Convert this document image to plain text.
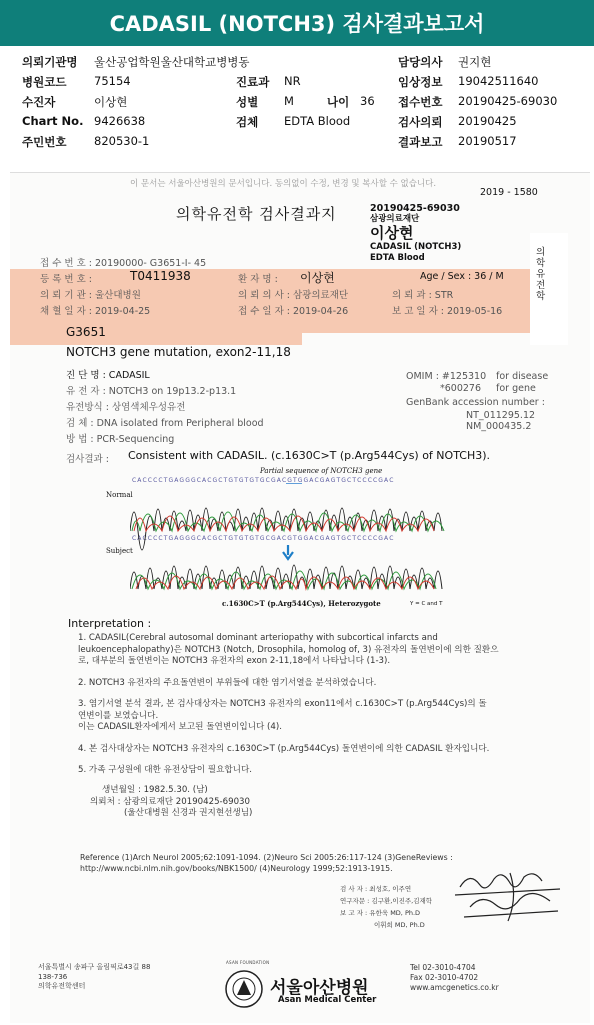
CADASIL (NOTCH3) 검사결과보고서
의뢰기관명 울산공업학원울산대학교병병동	담당의사 권지현
병원코드 75154	진료과 NR	임상정보 19042511640
수진자	이상현	성별 M	나이 36 접수번호 20190425-69030
Chart No. 9426638	검체 EDTA Blood	검사의뢰 20190425
주민번호 820530-1	결과보고 20190517
이 문서는 서울아산병원의 문서입니다. 동의없이 수정, 변경 및 복사할 수 없습니다.
2019 - 1580
의학유전학 검사결과지	20190425-69030
삼광의료재단
이상현
CADASIL (NOTCH3)
EDTA Blood	의학유전학
접 수 번 호 : 20190000- G3651-I- 45
등 록 번 호 :	T0411938	환 자 명 : 이상현	Age / Sex : 36 / M
의 뢰 기 관 : 울산대병원	의 뢰 의 사 : 삼광의료재단	의 뢰 과 : STR
채 혈 일 자 : 2019-04-25	접 수 일 자 : 2019-04-26	보 고 일 자 : 2019-05-16
G3651
NOTCH3 gene mutation, exon2-11,18
진 단 명 : CADASIL
유 전 자 : NOTCH3 on 19p13.2-p13.1
유전방식 : 상염색체우성유전
검 체 : DNA isolated from Peripheral blood
방 법 : PCR-Sequencing
OMIM : #125310 for disease
*600276 for gene
GenBank accession number :
NT_011295.12
NM_000435.2
검사결과 : Consistent with CADASIL. (c.1630C>T (p.Arg544Cys) of NOTCH3).
Partial sequence of NOTCH3 gene
Normal
Subject
C A C C C C T G A G G G C A C G C T G T G T G T G C G A C G T G G A C G A G T G C T C C C C G A C
C A C C C C T G A G G G C A C G C T G T G T G T G C G A C G T G G A C G A G T G C T C C C C G A C
c.1630C>T (p.Arg544Cys), Heterozygote	Y = C and T
Interpretation :
1. CADASIL(Cerebral autosomal dominant arteriopathy with subcortical infarcts and
leukoencephalopathy)은 NOTCH3 (Notch, Drosophila, homolog of, 3) 유전자의 돌연변이에 의한 질환으
로, 대부분의 돌연변이는 NOTCH3 유전자의 exon 2-11,18에서 나타납니다 (1-3).
2. NOTCH3 유전자의 주요돌연변이 부위들에 대한 염기서열을 분석하였습니다.
3. 염기서열 분석 결과, 본 검사대상자는 NOTCH3 유전자의 exon11에서 c.1630C>T (p.Arg544Cys)의 돌
연변이를 보였습니다.
이는 CADASIL환자에게서 보고된 돌연변이입니다 (4).
4. 본 검사대상자는 NOTCH3 유전자의 c.1630C>T (p.Arg544Cys) 돌연변이에 의한 CADASIL 환자입니다.
5. 가족 구성원에 대한 유전상담이 필요합니다.
생년월일 : 1982.5.30. (남)
의뢰처 : 삼광의료재단 20190425-69030
(울산대병원 신경과 권지현선생님)
Reference (1)Arch Neurol 2005;62:1091-1094. (2)Neuro Sci 2005:26:117-124 (3)GeneReviews :
http://www.ncbi.nlm.nih.gov/books/NBK1500/ (4)Neurology 1999;52:1913-1915.
검 사 자 : 최성호, 이주연
연구자문 : 김구환,이진주,김재학
보 고 자 : 유한욱 MD, Ph.D
이휘희 MD, Ph.D
서울특별시 송파구 올림픽로43길 88
138-736
의학유전학센터
ASAN FOUNDATION
서울아산병원
Asan Medical Center
Tel 02-3010-4704
Fax 02-3010-4702
www.amcgenetics.co.kr
